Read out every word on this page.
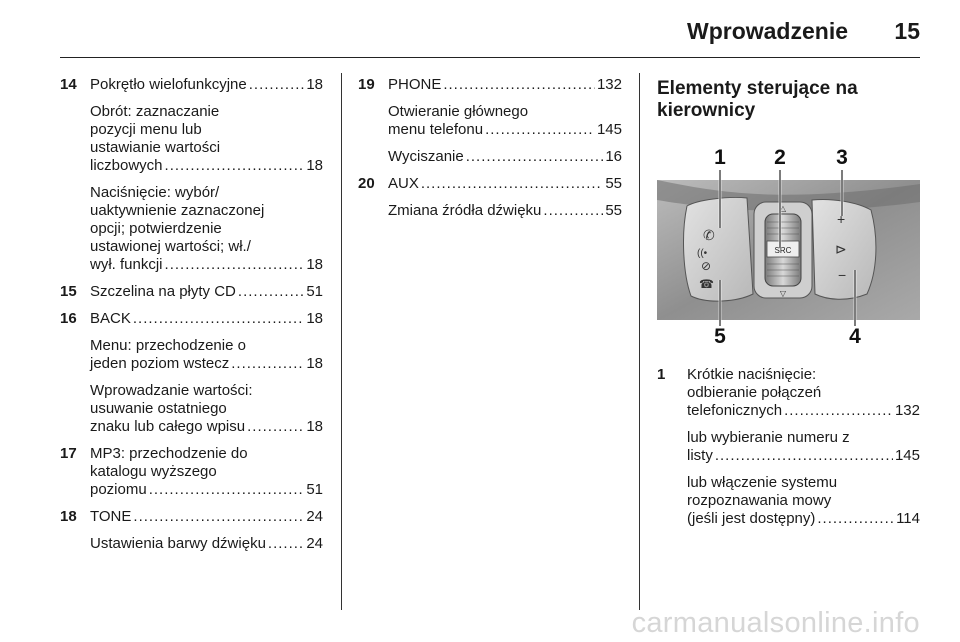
Wprowadzenie 15
14 Pokrętło wielofunkcyjne .....	18
Obrót: zaznaczanie
pozycji menu lub
ustawianie wartości
liczbowych .....	18
Naciśnięcie: wybór/
uaktywnienie zaznaczonej
opcji; potwierdzenie
ustawionej wartości; wł./
wył. funkcji .....	18
15 Szczelina na płyty CD .....	51
16 BACK .....	18
Menu: przechodzenie o
jeden poziom wstecz .....	18
Wprowadzanie wartości:
usuwanie ostatniego
znaku lub całego wpisu .....	18
17 MP3: przechodzenie do
katalogu wyższego
poziomu .....	51
18 TONE .....	24
Ustawienia barwy dźwięku .....	24
19 PHONE .....	132
Otwieranie głównego
menu telefonu .....	145
Wyciszanie .....	16
20 AUX .....	55
Zmiana źródła dźwięku .....	55
Elementy sterujące na
kierownicy
SRC
△
▽
✆
((•
⊘
☎
+
⊳
−
1 2 3
4
5
1	Krótkie naciśnięcie:
odbieranie połączeń
telefonicznych .....	132
lub wybieranie numeru z
listy .....	145
lub włączenie systemu
rozpoznawania mowy
(jeśli jest dostępny) .....	114
carmanualsonline.info
